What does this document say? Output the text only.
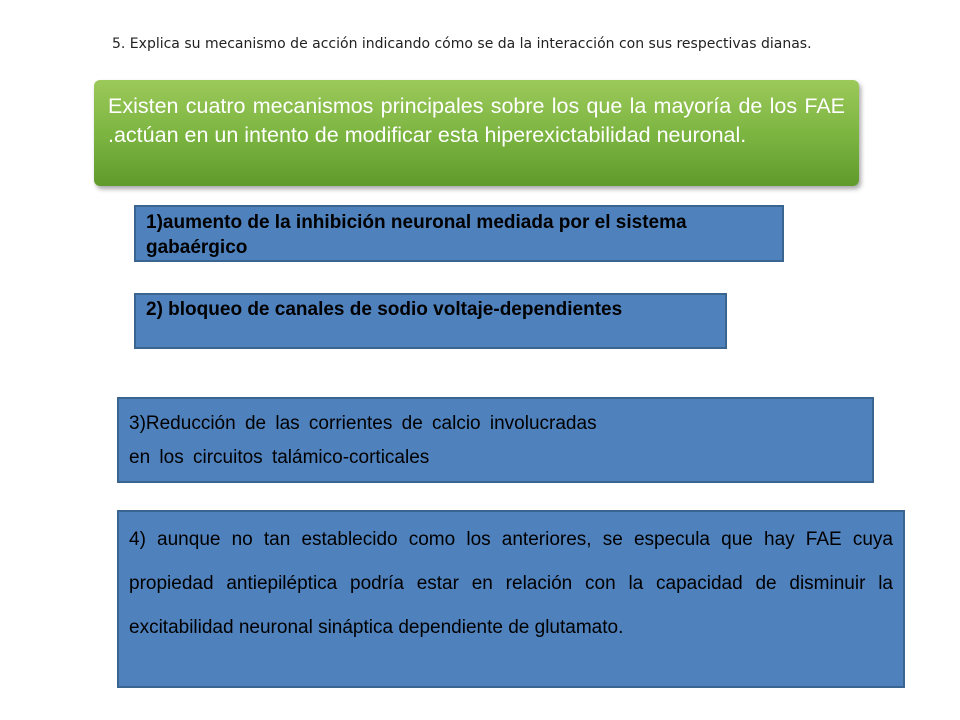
5. Explica su mecanismo de acción indicando cómo se da la interacción con sus respectivas dianas.
Existen cuatro mecanismos principales sobre los que la mayoría de los FAE .actúan en un intento de modificar esta hiperexictabilidad neuronal.
1)aumento de la inhibición neuronal mediada por el sistema gabaérgico
2) bloqueo de canales de sodio voltaje-dependientes
3)Reducción de las corrientes de calcio involucradas
en los circuitos talámico-corticales
4) aunque no tan establecido como los anteriores, se especula que hay FAE cuya propiedad antiepiléptica podría estar en relación con la capacidad de disminuir la excitabilidad neuronal sináptica dependiente de glutamato.
